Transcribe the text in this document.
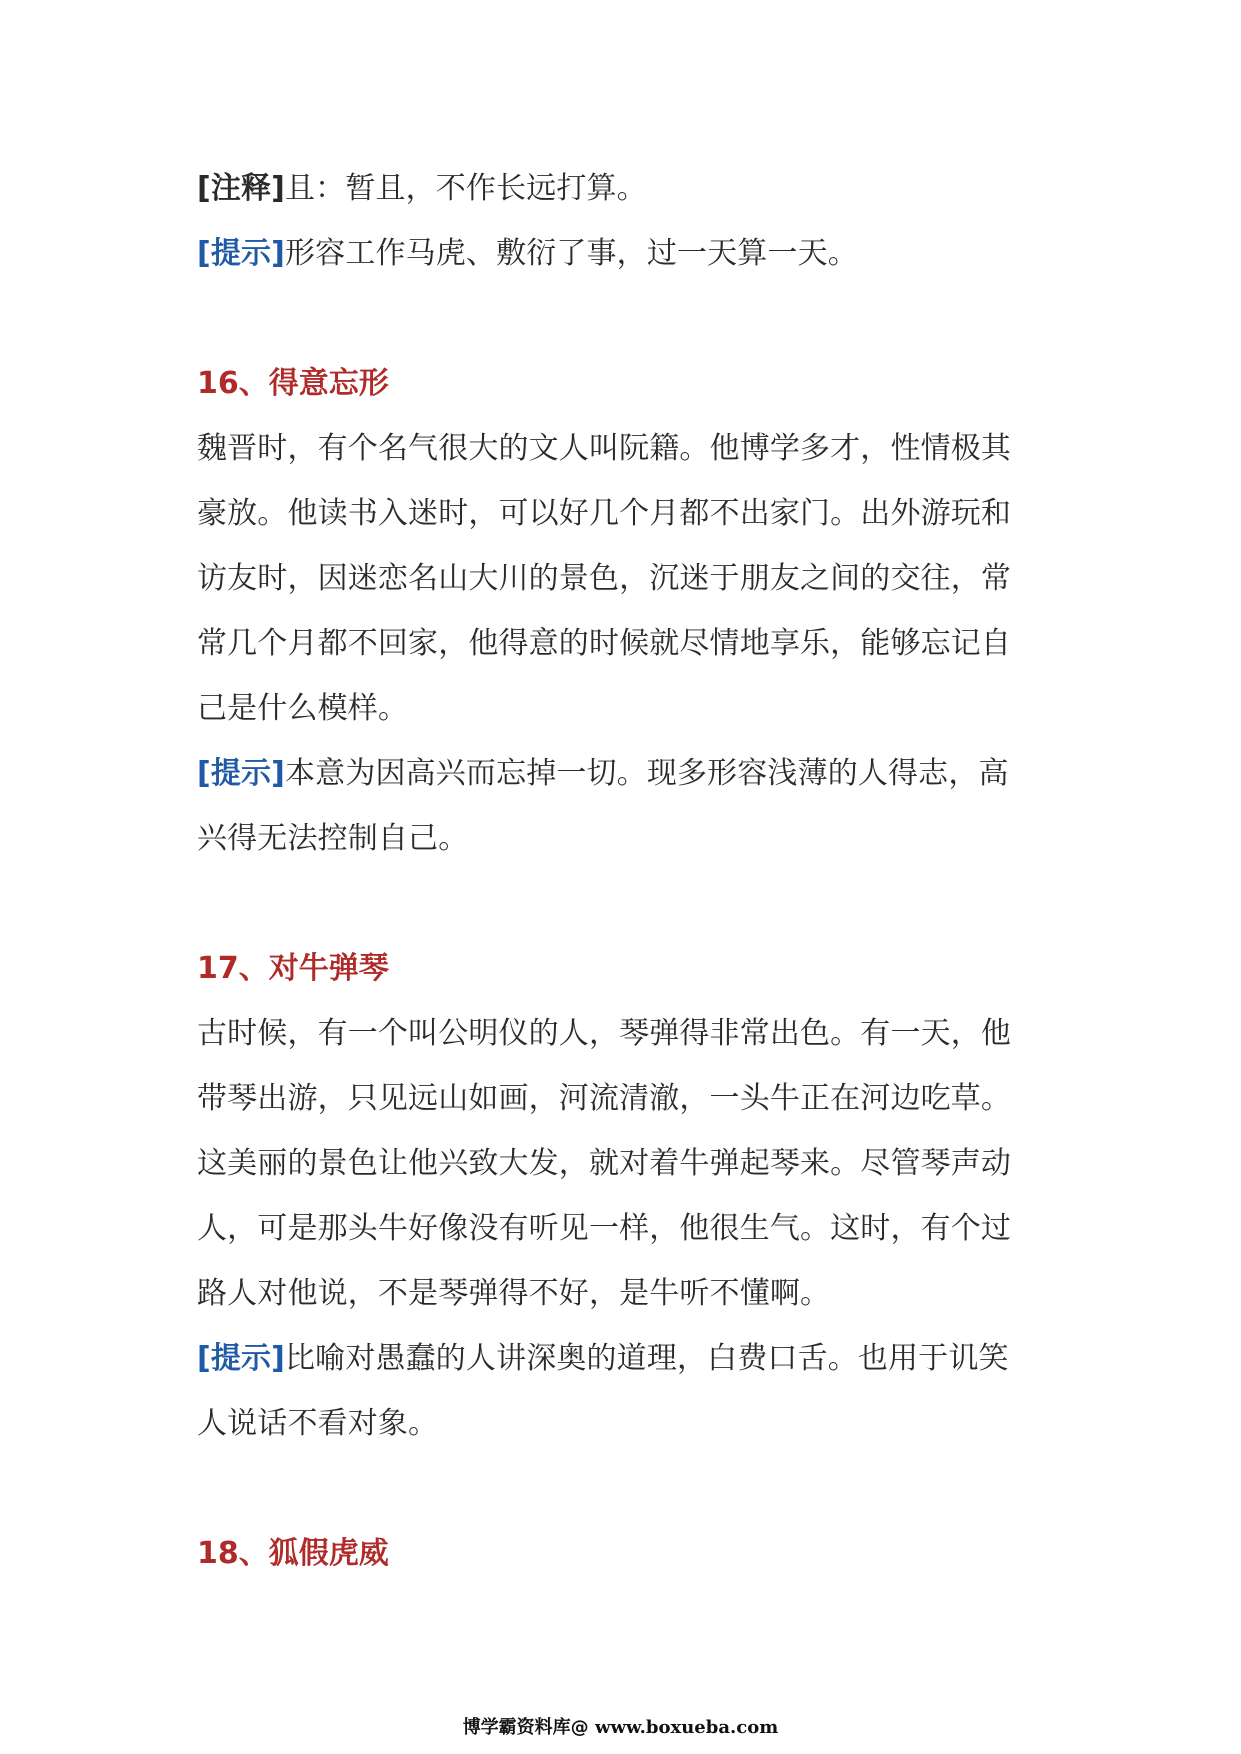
[注释]且：暂且，不作长远打算。
[提示]形容工作马虎、敷衍了事，过一天算一天。
16、得意忘形
魏晋时，有个名气很大的文人叫阮籍。他博学多才，性情极其
豪放。他读书入迷时，可以好几个月都不出家门。出外游玩和
访友时，因迷恋名山大川的景色，沉迷于朋友之间的交往，常
常几个月都不回家，他得意的时候就尽情地享乐，能够忘记自
己是什么模样。
[提示]本意为因高兴而忘掉一切。现多形容浅薄的人得志，高
兴得无法控制自己。
17、对牛弹琴
古时候，有一个叫公明仪的人，琴弹得非常出色。有一天，他
带琴出游，只见远山如画，河流清澈，一头牛正在河边吃草。
这美丽的景色让他兴致大发，就对着牛弹起琴来。尽管琴声动
人，可是那头牛好像没有听见一样，他很生气。这时，有个过
路人对他说，不是琴弹得不好，是牛听不懂啊。
[提示]比喻对愚蠢的人讲深奥的道理，白费口舌。也用于讥笑
人说话不看对象。
18、狐假虎威
博学霸资料库@ www.boxueba.com
